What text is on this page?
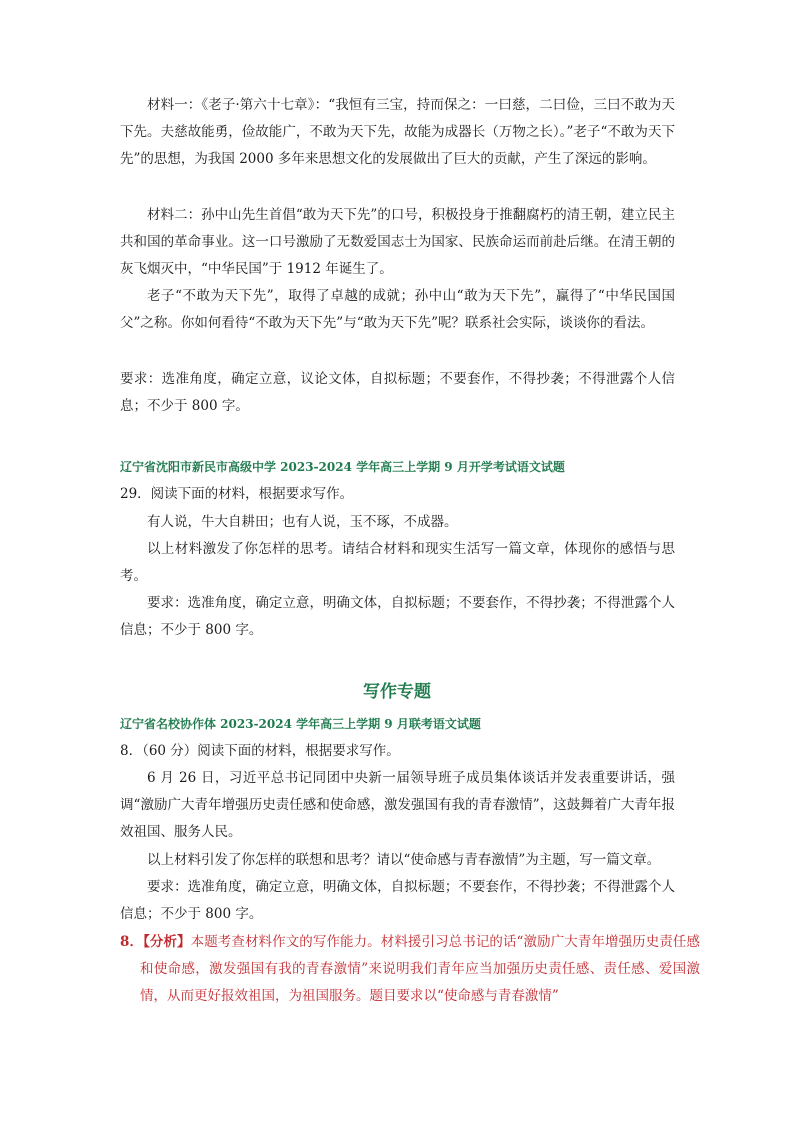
材料一：《老子·第六十七章》：“我恒有三宝，持而保之：一曰慈，二曰俭，三曰不敢为天下先。夫慈故能勇，俭故能广，不敢为天下先，故能为成器长（万物之长）。”老子“不敢为天下先”的思想，为我国 2000 多年来思想文化的发展做出了巨大的贡献，产生了深远的影响。

材料二：孙中山先生首倡“敢为天下先”的口号，积极投身于推翻腐朽的清王朝，建立民主共和国的革命事业。这一口号激励了无数爱国志士为国家、民族命运而前赴后继。在清王朝的灰飞烟灭中，“中华民国”于 1912 年诞生了。

老子“不敢为天下先”，取得了卓越的成就；孙中山“敢为天下先”，赢得了“中华民国国父”之称。你如何看待“不敢为天下先”与“敢为天下先”呢？联系社会实际，谈谈你的看法。

要求：选准角度，确定立意，议论文体，自拟标题；不要套作，不得抄袭；不得泄露个人信息；不少于 800 字。

辽宁省沈阳市新民市高级中学 2023-2024 学年高三上学期 9 月开学考试语文试题

29．阅读下面的材料，根据要求写作。

有人说，牛大自耕田；也有人说，玉不琢，不成器。

以上材料激发了你怎样的思考。请结合材料和现实生活写一篇文章，体现你的感悟与思考。

要求：选准角度，确定立意，明确文体，自拟标题；不要套作，不得抄袭；不得泄露个人信息；不少于 800 字。

写作专题

辽宁省名校协作体 2023-2024 学年高三上学期 9 月联考语文试题

8．（60 分）阅读下面的材料，根据要求写作。

6 月 26 日，习近平总书记同团中央新一届领导班子成员集体谈话并发表重要讲话，强调“激励广大青年增强历史责任感和使命感，激发强国有我的青春激情”，这鼓舞着广大青年报效祖国、服务人民。

以上材料引发了你怎样的联想和思考？请以“使命感与青春激情”为主题，写一篇文章。

要求：选准角度，确定立意，明确文体，自拟标题；不要套作，不得抄袭；不得泄露个人信息；不少于 800 字。

8．【分析】本题考查材料作文的写作能力。材料援引习总书记的话“激励广大青年增强历史责任感和使命感，激发强国有我的青春激情”来说明我们青年应当加强历史责任感、责任感、爱国激情，从而更好报效祖国，为祖国服务。题目要求以“使命感与青春激情”
